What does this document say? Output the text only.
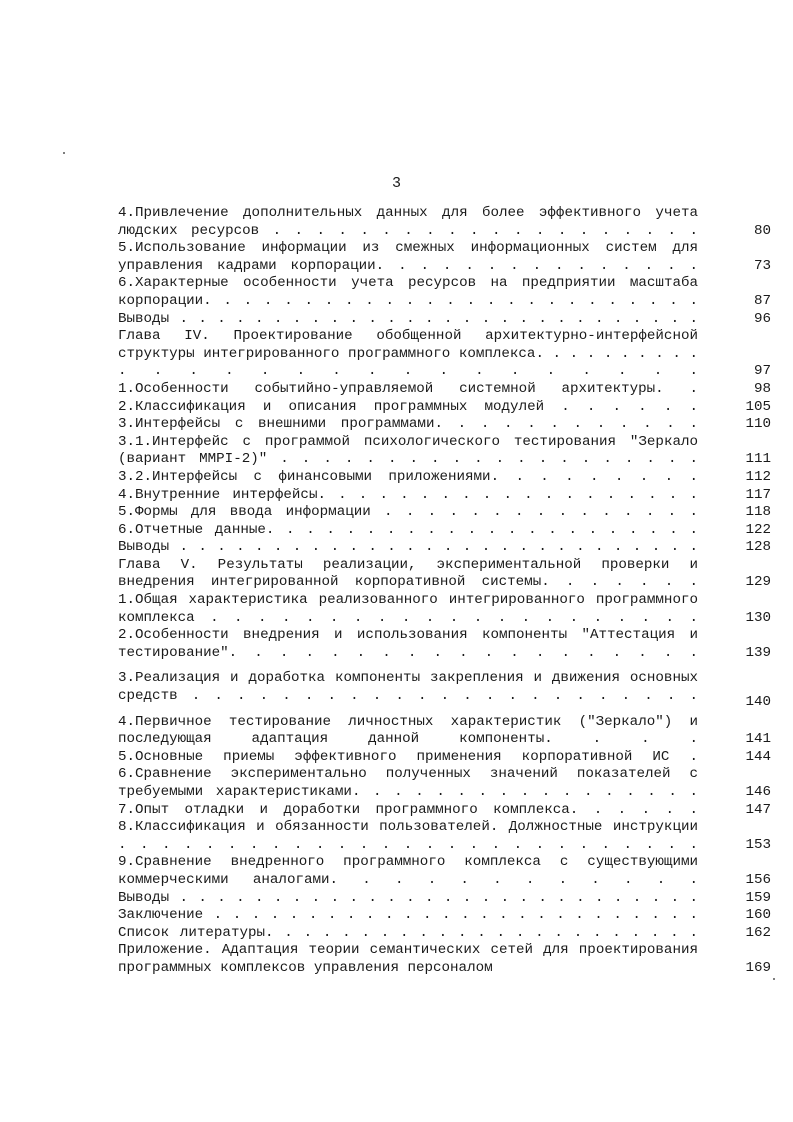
3
4.Привлечение дополнительных данных для более эффективного учета людских ресурсов . . . . . . . . . . . . . . . . . . . .	80
5.Использование информации из смежных информационных систем для управления кадрами корпорации. . . . . . . . . . . . . . .	73
6.Характерные особенности учета ресурсов на предприятии масштаба корпорации. . . . . . . . . . . . . . . . . . . . . . . . .	87
Выводы . . . . . . . . . . . . . . . . . . . . . . . . . . . .	96
Глава IV. Проектирование обобщенной архитектурно-интерфейсной структуры интегрированного программного комплекса. . . . . . . . . . . . . . . . . . . . . . . . . . .	97
1.Особенности событийно-управляемой системной архитектуры. .	98
2.Классификация и описания программных модулей . . . . . .	105
3.Интерфейсы с внешними программами. . . . . . . . . . . .	110
3.1.Интерфейс с программой психологического тестирования "Зеркало (вариант MMPI-2)" . . . . . . . . . . . . . . . . . . . .	111
3.2.Интерфейсы с финансовыми приложениями. . . . . . . . .	112
4.Внутренние интерфейсы. . . . . . . . . . . . . . . . . . .	117
5.Формы для ввода информации . . . . . . . . . . . . . . .	118
6.Отчетные данные. . . . . . . . . . . . . . . . . . . . . .	122
Выводы . . . . . . . . . . . . . . . . . . . . . . . . . . . .	128
Глава V. Результаты реализации, экспериментальной проверки и внедрения интегрированной корпоративной системы. . . . . . .	129
1.Общая характеристика реализованного интегрированного программного комплекса . . . . . . . . . . . . . . . . . . . . .	130
2.Особенности внедрения и использования компоненты "Аттестация и тестирование". . . . . . . . . . . . . . . . . . .	139
3.Реализация и доработка компоненты закрепления и движения основных средств . . . . . . . . . . . . . . . . . . . . . . .	140
4.Первичное тестирование личностных характеристик ("Зеркало") и последующая адаптация данной компоненты. . . .	141
5.Основные приемы эффективного применения корпоративной ИС .	144
6.Сравнение экспериментально полученных значений показателей с требуемыми характеристиками. . . . . . . . . . . . . . . . .	146
7.Опыт отладки и доработки программного комплекса. . . . . .	147
8.Классификация и обязанности пользователей. Должностные инструкции . . . . . . . . . . . . . . . . . . . . . . . . . . .	153
9.Сравнение внедренного программного комплекса с существующими коммерческими аналогами. . . . . . . . . . . .	156
Выводы . . . . . . . . . . . . . . . . . . . . . . . . . . . .	159
Заключение . . . . . . . . . . . . . . . . . . . . . . . . . .	160
Список литературы. . . . . . . . . . . . . . . . . . . . . . .	162
Приложение. Адаптация теории семантических сетей для проектирования программных комплексов управления персоналом	169
